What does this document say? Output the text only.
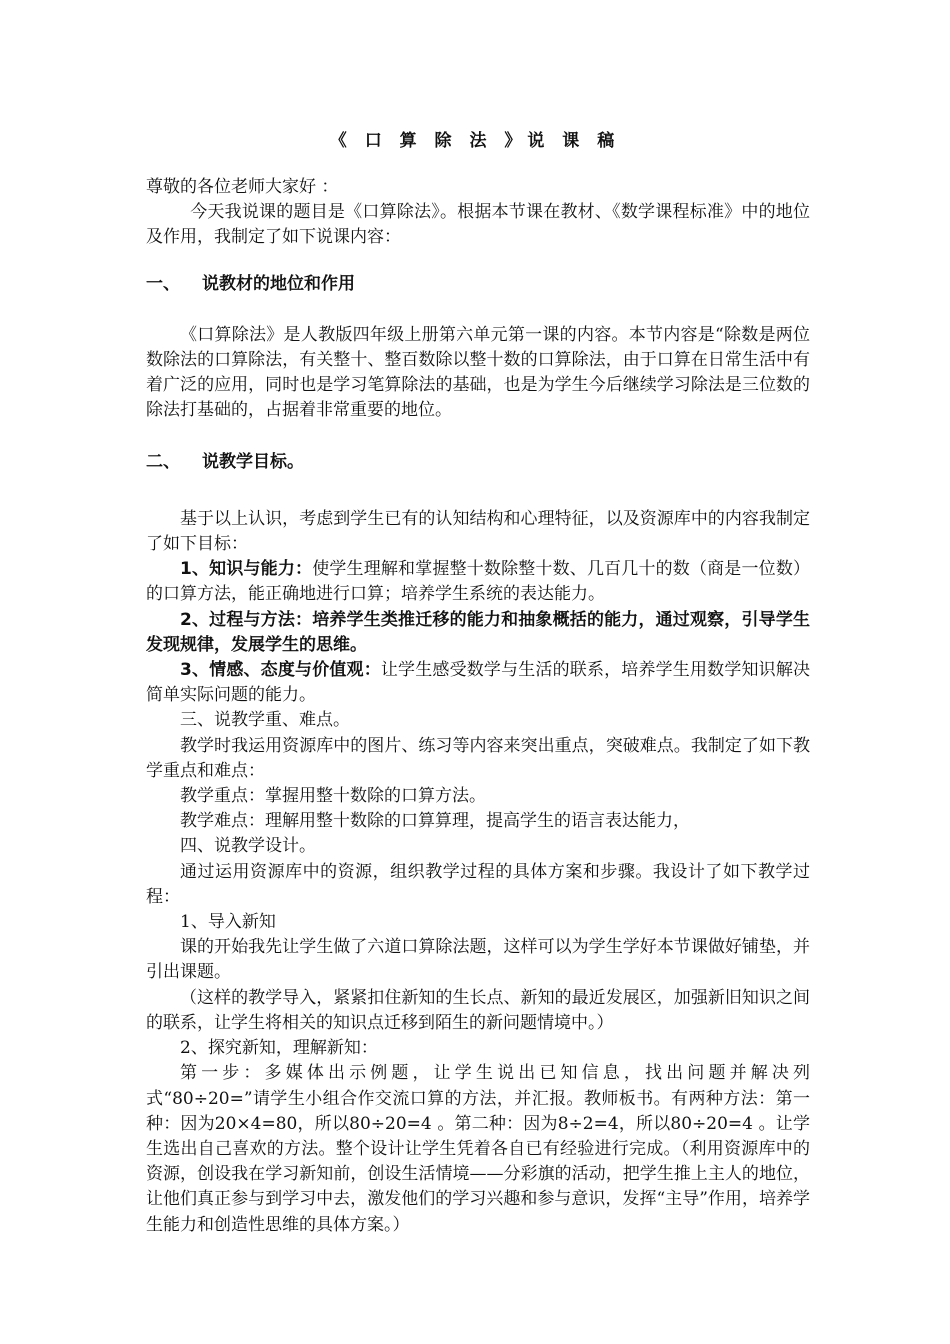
《 口 算 除 法 》说 课 稿

尊敬的各位老师大家好 ：

今天我说课的题目是《口算除法》。根据本节课在教材、《数学课程标准》中的地位及作用，我制定了如下说课内容：

一、 说教材的地位和作用

《口算除法》是人教版四年级上册第六单元第一课的内容。本节内容是“除数是两位数除法的口算除法，有关整十、整百数除以整十数的口算除法，由于口算在日常生活中有着广泛的应用，同时也是学习笔算除法的基础，也是为学生今后继续学习除法是三位数的除法打基础的，占据着非常重要的地位。

二、 说教学目标。

基于以上认识，考虑到学生已有的认知结构和心理特征，以及资源库中的内容我制定了如下目标：

1、知识与能力：使学生理解和掌握整十数除整十数、几百几十的数（商是一位数）的口算方法，能正确地进行口算；培养学生系统的表达能力。

2、过程与方法：培养学生类推迁移的能力和抽象概括的能力，通过观察，引导学生发现规律，发展学生的思维。

3、情感、态度与价值观：让学生感受数学与生活的联系，培养学生用数学知识解决简单实际问题的能力。

三、说教学重、难点。

教学时我运用资源库中的图片、练习等内容来突出重点，突破难点。我制定了如下教学重点和难点：

教学重点：掌握用整十数除的口算方法。

教学难点：理解用整十数除的口算算理，提高学生的语言表达能力，

四、说教学设计。

通过运用资源库中的资源，组织教学过程的具体方案和步骤。我设计了如下教学过程：

1、导入新知

课的开始我先让学生做了六道口算除法题，这样可以为学生学好本节课做好铺垫，并引出课题。

（这样的教学导入，紧紧扣住新知的生长点、新知的最近发展区，加强新旧知识之间的联系，让学生将相关的知识点迁移到陌生的新问题情境中。）

2、探究新知，理解新知：

第一步：多媒体出示例题，让学生说出已知信息，找出问题并解决列式“80÷20=”请学生小组合作交流口算的方法，并汇报。教师板书。有两种方法：第一种：因为20×4=80，所以80÷20=4 。第二种：因为8÷2=4，所以80÷20=4 。让学生选出自己喜欢的方法。整个设计让学生凭着各自已有经验进行完成。（利用资源库中的资源，创设我在学习新知前，创设生活情境——分彩旗的活动，把学生推上主人的地位，让他们真正参与到学习中去，激发他们的学习兴趣和参与意识，发挥“主导”作用，培养学生能力和创造性思维的具体方案。）
